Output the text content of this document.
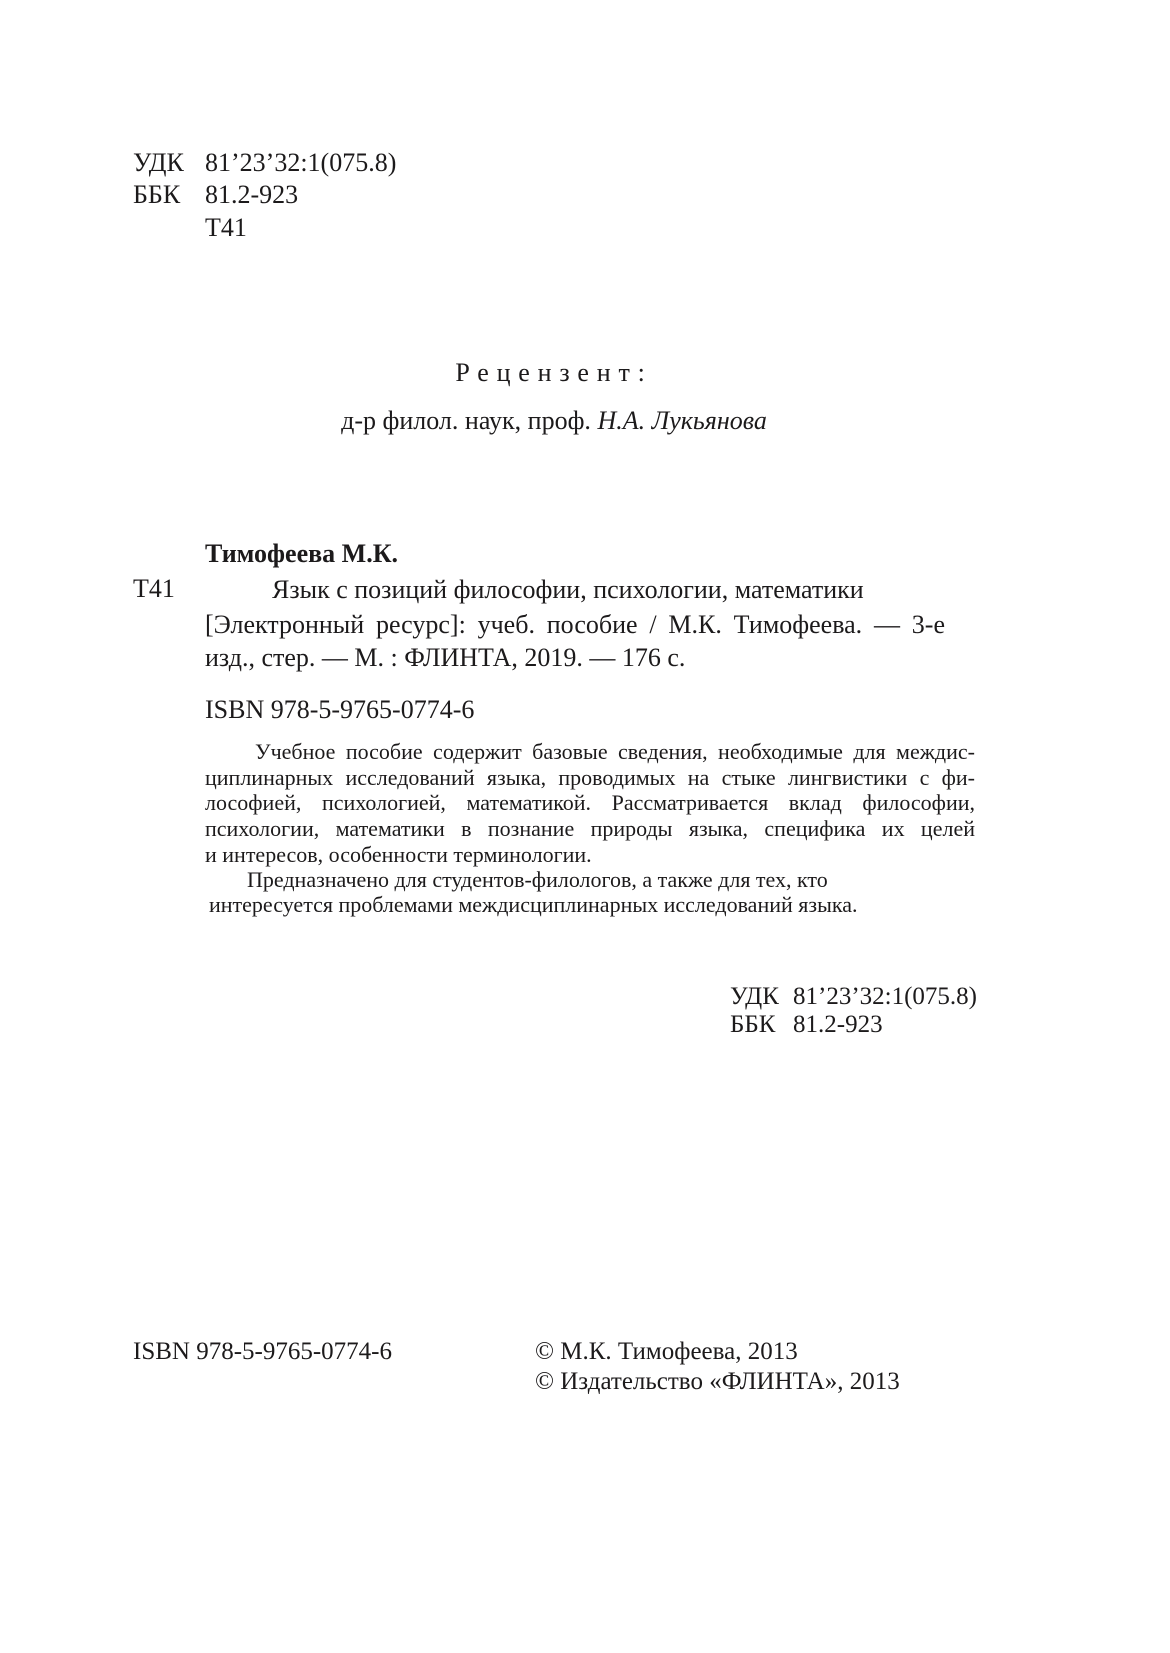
УДК 81’23’32:1(075.8)
ББК 81.2-923
Т41
Рецензент:
д-р филол. наук, проф. Н.А. Лукьянова
Тимофеева М.К.
Т41	Язык с позиций философии, психологии, математики
[Электронный ресурс]: учеб. пособие / М.К. Тимофеева. — 3-е
изд., стер. — М. : ФЛИНТА, 2019. — 176 с.
ISBN 978-5-9765-0774-6
Учебное пособие содержит базовые сведения, необходимые для междис-
циплинарных исследований языка, проводимых на стыке лингвистики с фи-
лософией, психологией, математикой. Рассматривается вклад философии,
психологии, математики в познание природы языка, специфика их целей
и интересов, особенности терминологии.
Предназначено для студентов-филологов, а также для тех, кто
интересуется проблемами междисциплинарных исследований языка.
УДК 81’23’32:1(075.8)
ББК 81.2-923
ISBN 978-5-9765-0774-6	© М.К. Тимофеева, 2013
© Издательство «ФЛИНТА», 2013
